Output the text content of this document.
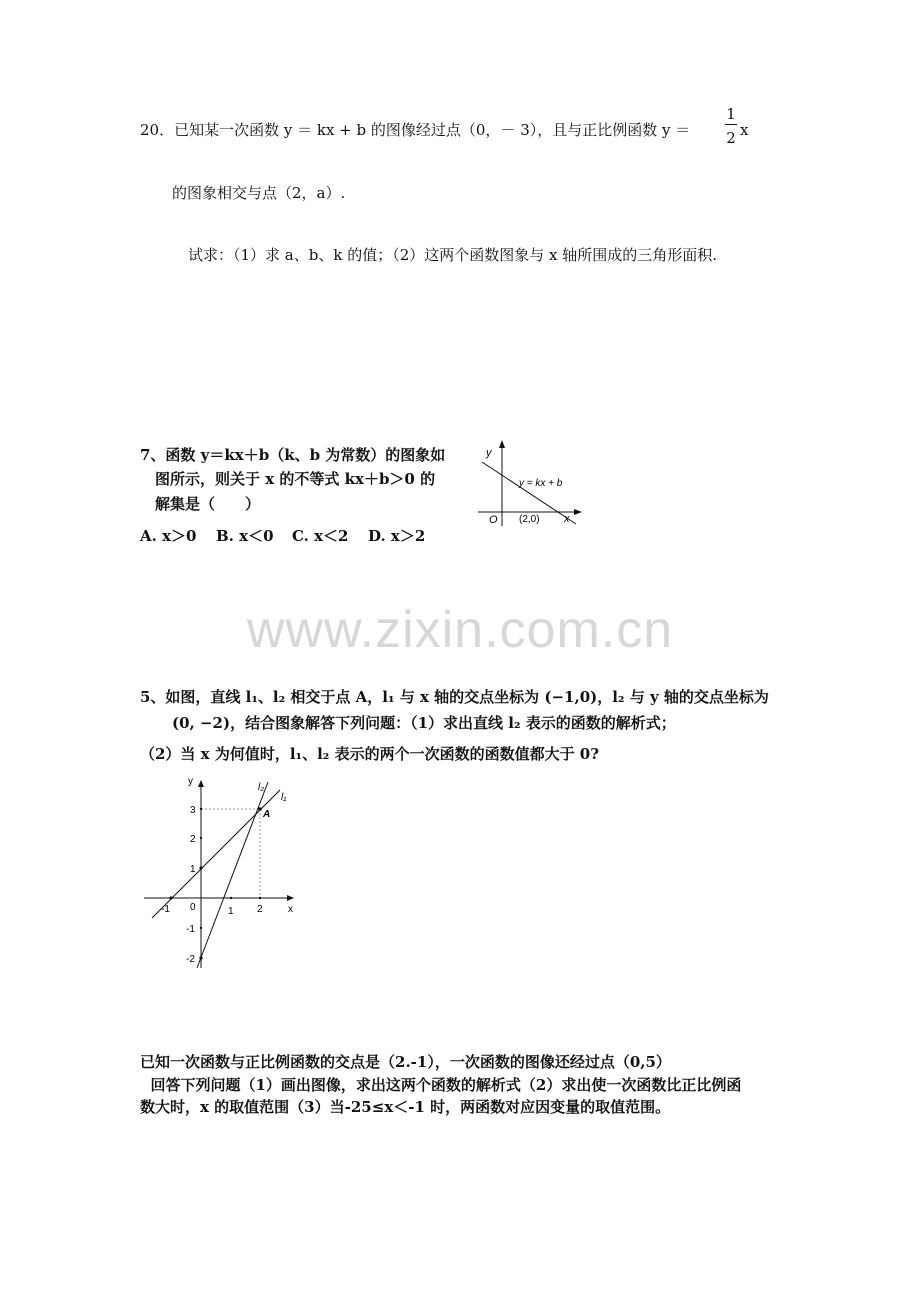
www.zixin.com.cn
20．已知某一次函数 y ＝ kx + b 的图像经过点（0，－ 3），且与正比例函数 y ＝
1
2 x
的图象相交与点（2，a）.
试求：（1）求 a、b、k 的值；（2）这两个函数图象与 x 轴所围成的三角形面积.
7、函数 y＝kx＋b（k、b 为常数）的图象如
图所示，则关于 x 的不等式 kx＋b＞0 的
解集是（　　）
A. x＞0 B. x＜0 C. x＜2 D. x＞2
y
x
O (2,0)
y = kx + b
5、如图，直线 l₁、l₂ 相交于点 A，l₁ 与 x 轴的交点坐标为 (−1,0)，l₂ 与 y 轴的交点坐标为
(0, −2)，结合图象解答下列问题：（1）求出直线 l₂ 表示的函数的解析式；
（2）当 x 为何值时，l₁、l₂ 表示的两个一次函数的函数值都大于 0?
y
x
l₂
l₁
A
-1 0	1 2
3
2
1
-1
-2
已知一次函数与正比例函数的交点是（2.-1），一次函数的图像还经过点（0,5）
回答下列问题（1）画出图像，求出这两个函数的解析式（2）求出使一次函数比正比例函
数大时，x 的取值范围（3）当-25≤x＜-1 时，两函数对应因变量的取值范围。
